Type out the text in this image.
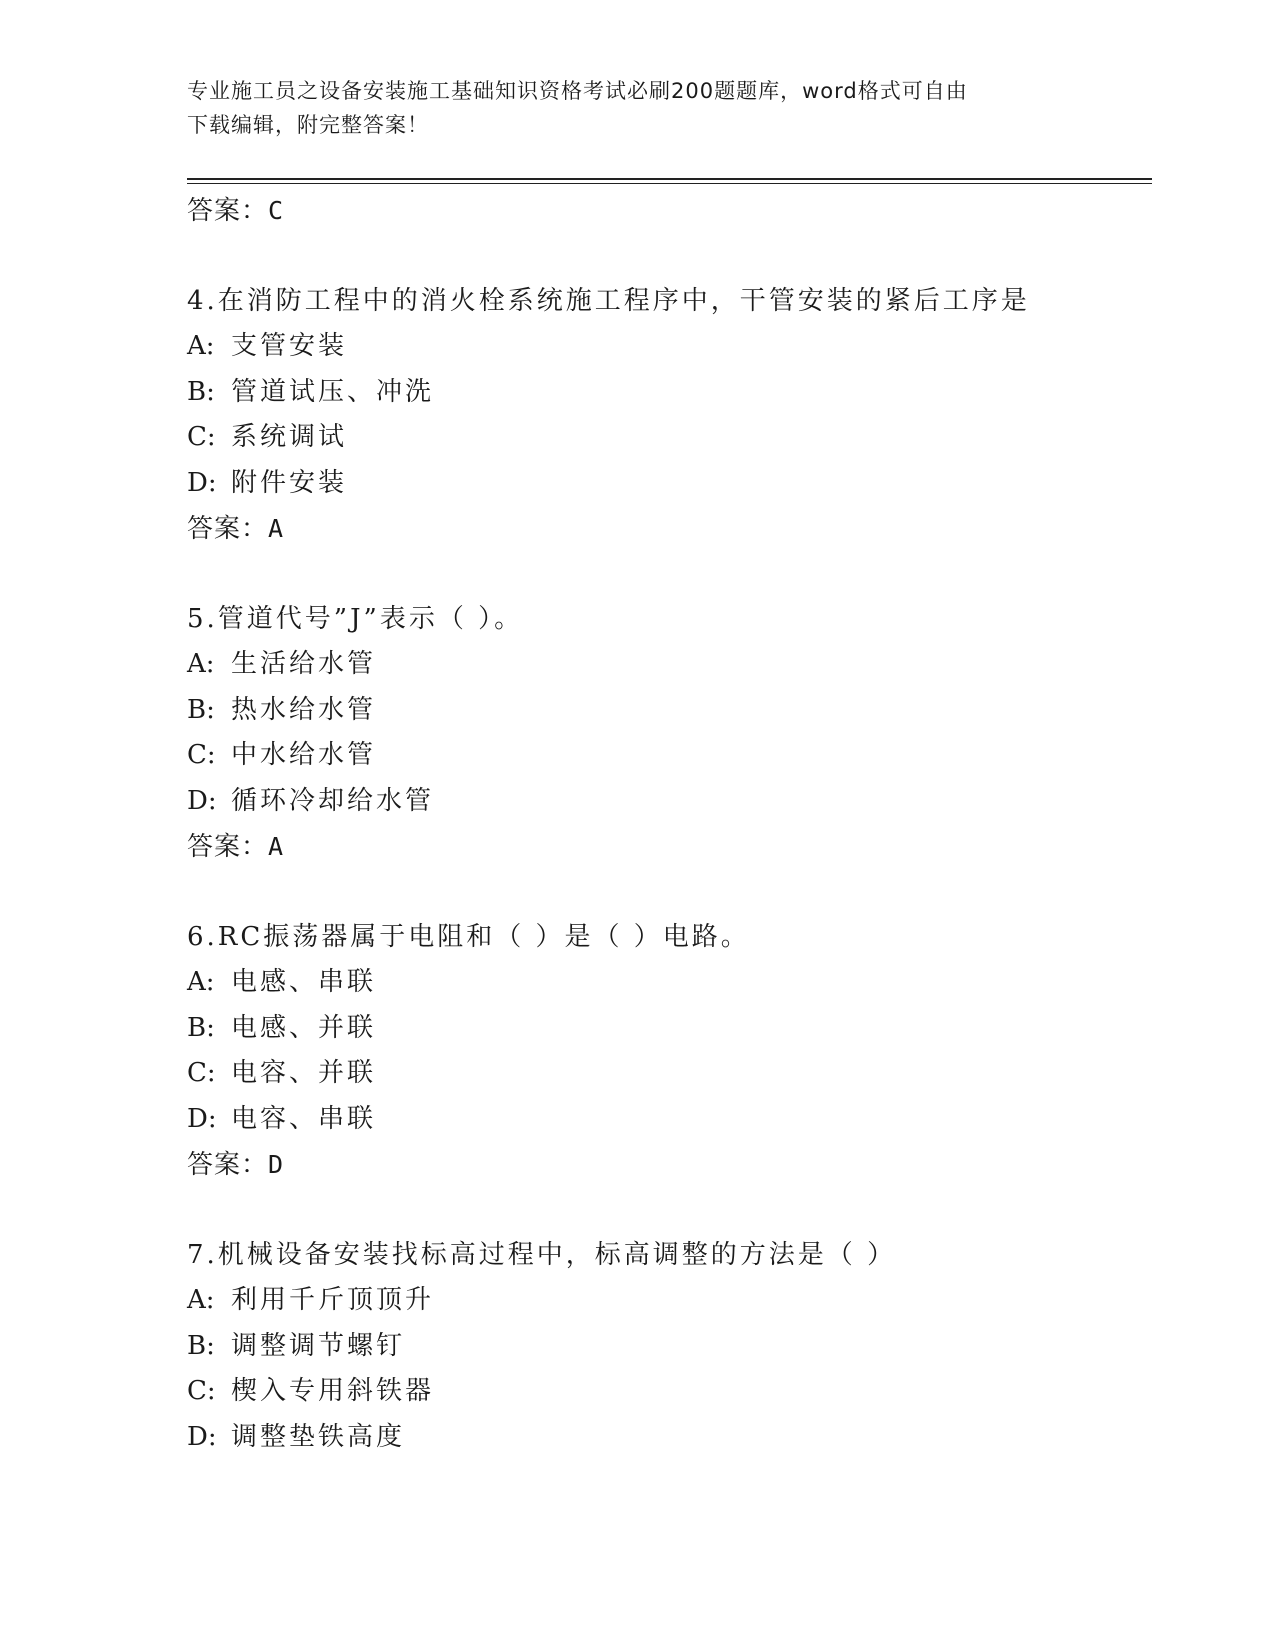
专业施工员之设备安装施工基础知识资格考试必刷200题题库，word格式可自由
下载编辑，附完整答案！
答案：C
4.在消防工程中的消火栓系统施工程序中，干管安装的紧后工序是
A: 支管安装
B: 管道试压、冲洗
C: 系统调试
D: 附件安装
答案：A
5.管道代号”J”表示（ ）。
A: 生活给水管
B: 热水给水管
C: 中水给水管
D: 循环冷却给水管
答案：A
6.RC振荡器属于电阻和（ ）是（ ）电路。
A: 电感、串联
B: 电感、并联
C: 电容、并联
D: 电容、串联
答案：D
7.机械设备安装找标高过程中，标高调整的方法是（ ）
A: 利用千斤顶顶升
B: 调整调节螺钉
C: 楔入专用斜铁器
D: 调整垫铁高度
